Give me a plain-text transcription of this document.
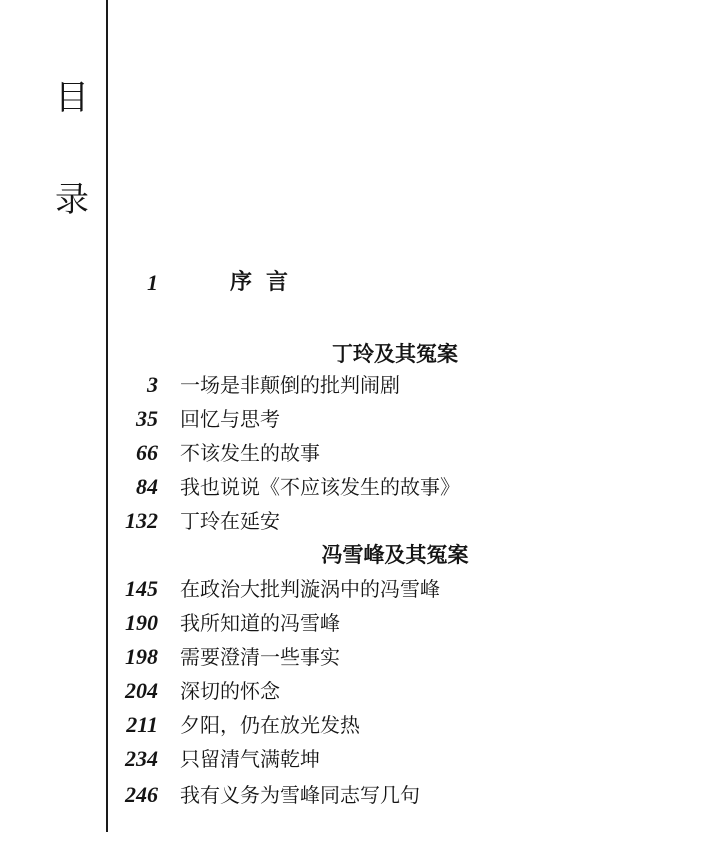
目
录
1	序言
丁玲及其冤案
3 一场是非颠倒的批判闹剧
35 回忆与思考
66 不该发生的故事
84 我也说说《不应该发生的故事》
132 丁玲在延安
冯雪峰及其冤案
145 在政治大批判漩涡中的冯雪峰
190 我所知道的冯雪峰
198 需要澄清一些事实
204 深切的怀念
211 夕阳，仍在放光发热
234 只留清气满乾坤
246 我有义务为雪峰同志写几句
